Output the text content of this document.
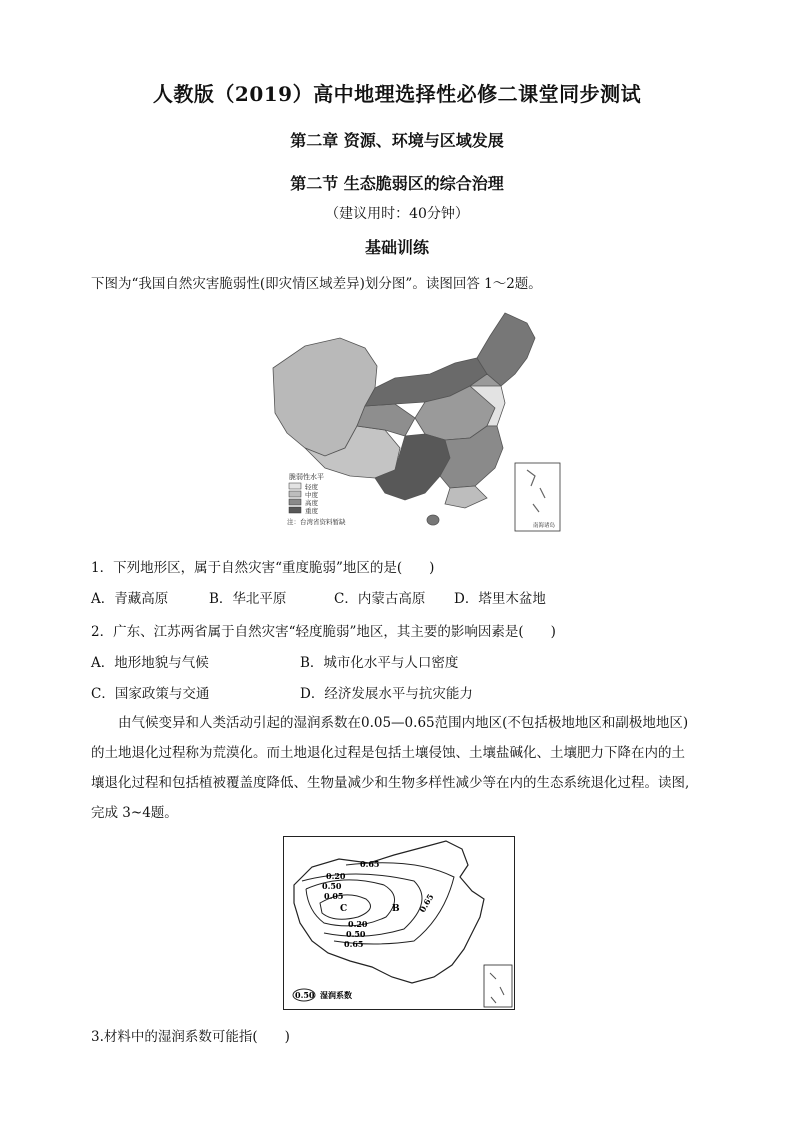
人教版（2019）高中地理选择性必修二课堂同步测试
第二章 资源、环境与区域发展
第二节 生态脆弱区的综合治理
（建议用时：40分钟）
基础训练
下图为“我国自然灾害脆弱性(即灾情区域差异)划分图”。读图回答 1～2题。
脆弱性水平
轻度
中度
高度
重度
注：台湾省资料暂缺	南海诸岛
1．下列地形区，属于自然灾害“重度脆弱”地区的是(　　)
A．青藏高原	B．华北平原	C．内蒙古高原 D．塔里木盆地
2．广东、江苏两省属于自然灾害“轻度脆弱”地区，其主要的影响因素是(　　)
A．地形地貌与气候	B．城市化水平与人口密度
C．国家政策与交通	D．经济发展水平与抗灾能力
由气候变异和人类活动引起的湿润系数在0.05—0.65范围内地区(不包括极地地区和副极地地区)
的土地退化过程称为荒漠化。而土地退化过程是包括土壤侵蚀、土壤盐碱化、土壤肥力下降在内的土
壤退化过程和包括植被覆盖度降低、生物量减少和生物多样性减少等在内的生态系统退化过程。读图,
完成 3~4题。
0.65
0.20
0.50
0.05
0.20
0.50
0.65
0.65
C	B
0.50 湿润系数
3.材料中的湿润系数可能指(　　)
